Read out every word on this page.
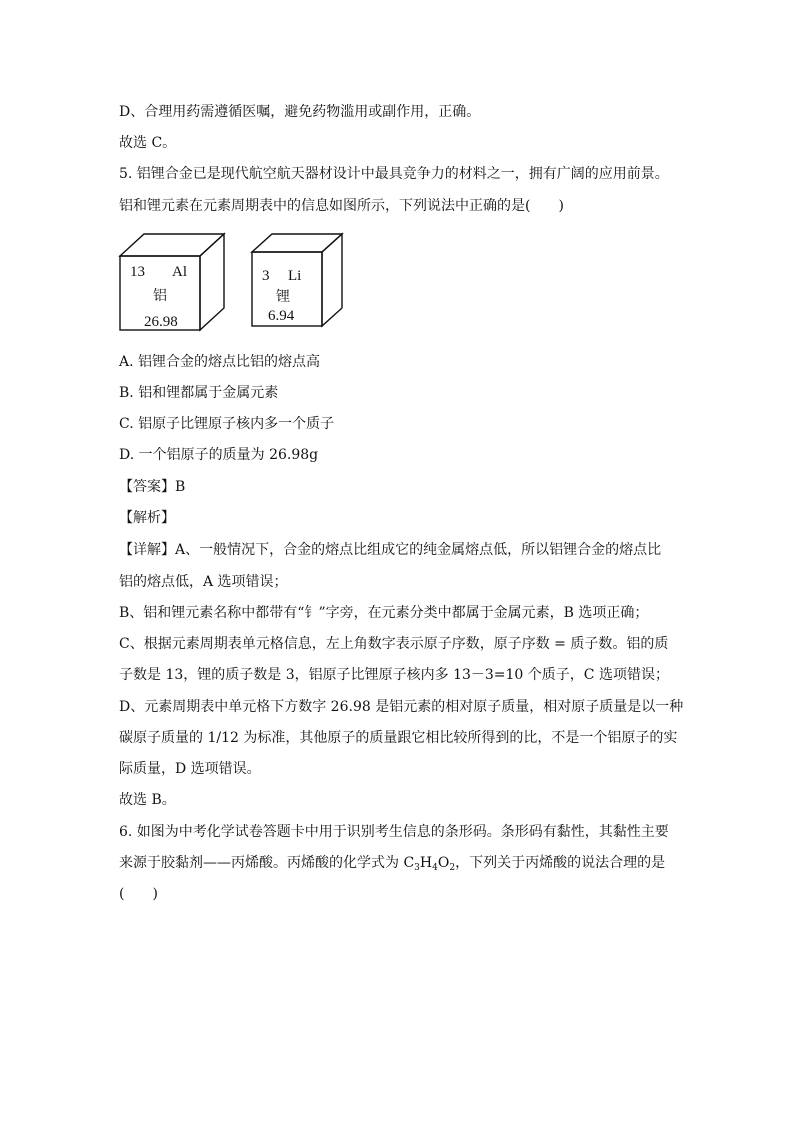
D、合理用药需遵循医嘱，避免药物滥用或副作用，正确。
故选 C。
5. 铝锂合金已是现代航空航天器材设计中最具竞争力的材料之一，拥有广阔的应用前景。
铝和锂元素在元素周期表中的信息如图所示，下列说法中正确的是(　　)
13 Al
铝
26.98
3 Li
锂
6.94
A. 铝锂合金的熔点比铝的熔点高
B. 铝和锂都属于金属元素
C. 铝原子比锂原子核内多一个质子
D. 一个铝原子的质量为 26.98g
【答案】B
【解析】
【详解】A、一般情况下，合金的熔点比组成它的纯金属熔点低，所以铝锂合金的熔点比
铝的熔点低，A 选项错误；
B、铝和锂元素名称中都带有“钅”字旁，在元素分类中都属于金属元素，B 选项正确；
C、根据元素周期表单元格信息，左上角数字表示原子序数，原子序数 = 质子数。铝的质
子数是 13，锂的质子数是 3，铝原子比锂原子核内多 13－3=10 个质子，C 选项错误；
D、元素周期表中单元格下方数字 26.98 是铝元素的相对原子质量，相对原子质量是以一种
碳原子质量的 1/12 为标准，其他原子的质量跟它相比较所得到的比，不是一个铝原子的实
际质量，D 选项错误。
故选 B。
6. 如图为中考化学试卷答题卡中用于识别考生信息的条形码。条形码有黏性，其黏性主要
来源于胶黏剂——丙烯酸。丙烯酸的化学式为 $C_3H_4O_2$，下列关于丙烯酸的说法合理的是
(　　)
